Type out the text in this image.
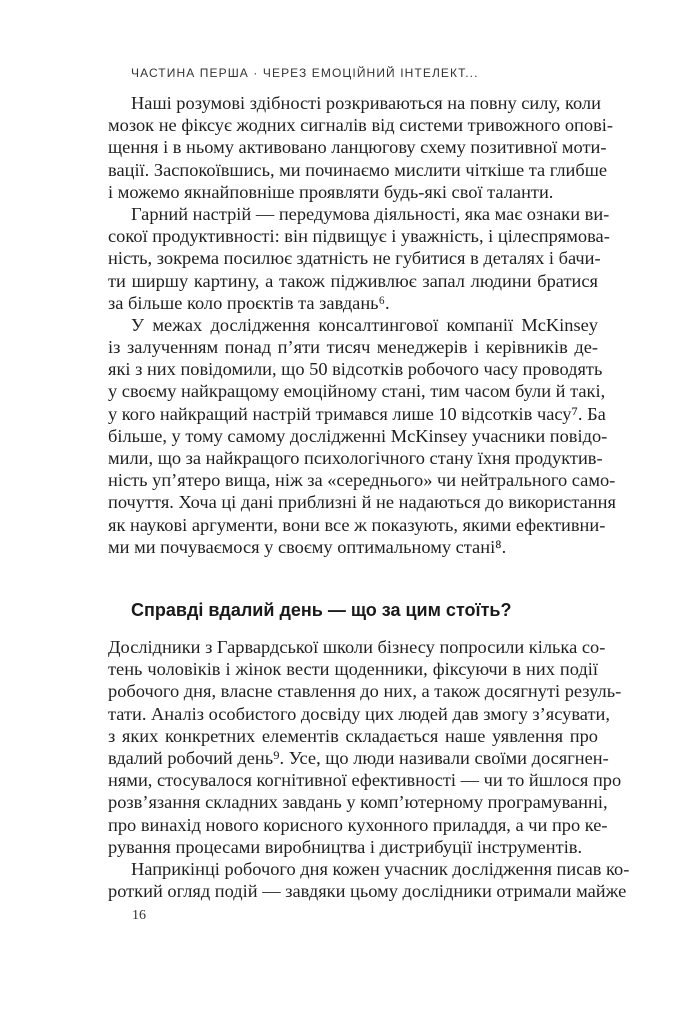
ЧАСТИНА ПЕРША · ЧЕРЕЗ ЕМОЦІЙНИЙ ІНТЕЛЕКТ...
Наші розумові здібності розкриваються на повну силу, коли
мозок не фіксує жодних сигналів від системи тривожного опові-
щення і в ньому активовано ланцюгову схему позитивної моти-
вації. Заспокоївшись, ми починаємо мислити чіткіше та глибше
і можемо якнайповніше проявляти будь-які свої таланти.
Гарний настрій — передумова діяльності, яка має ознаки ви-
сокої продуктивності: він підвищує і уважність, і цілеспрямова-
ність, зокрема посилює здатність не губитися в деталях і бачи-
ти ширшу картину, а також підживлює запал людини братися
за більше коло проєктів та завдань⁶.
У межах дослідження консалтингової компанії McKinsey
із залученням понад п’яти тисяч менеджерів і керівників де-
які з них повідомили, що 50 відсотків робочого часу проводять
у своєму найкращому емоційному стані, тим часом були й такі,
у кого найкращий настрій тримався лише 10 відсотків часу⁷. Ба
більше, у тому самому дослідженні McKinsey учасники повідо-
мили, що за найкращого психологічного стану їхня продуктив-
ність уп’ятеро вища, ніж за «середнього» чи нейтрального само-
почуття. Хоча ці дані приблизні й не надаються до використання
як наукові аргументи, вони все ж показують, якими ефективни-
ми ми почуваємося у своєму оптимальному стані⁸.
Справді вдалий день — що за цим стоїть?
Дослідники з Гарвардської школи бізнесу попросили кілька со-
тень чоловіків і жінок вести щоденники, фіксуючи в них події
робочого дня, власне ставлення до них, а також досягнуті резуль-
тати. Аналіз особистого досвіду цих людей дав змогу з’ясувати,
з яких конкретних елементів складається наше уявлення про
вдалий робочий день⁹. Усе, що люди називали своїми досягнен-
нями, стосувалося когнітивної ефективності — чи то йшлося про
розв’язання складних завдань у комп’ютерному програмуванні,
про винахід нового корисного кухонного приладдя, а чи про ке-
рування процесами виробництва і дистрибуції інструментів.
Наприкінці робочого дня кожен учасник дослідження писав ко-
роткий огляд подій — завдяки цьому дослідники отримали майже
16
